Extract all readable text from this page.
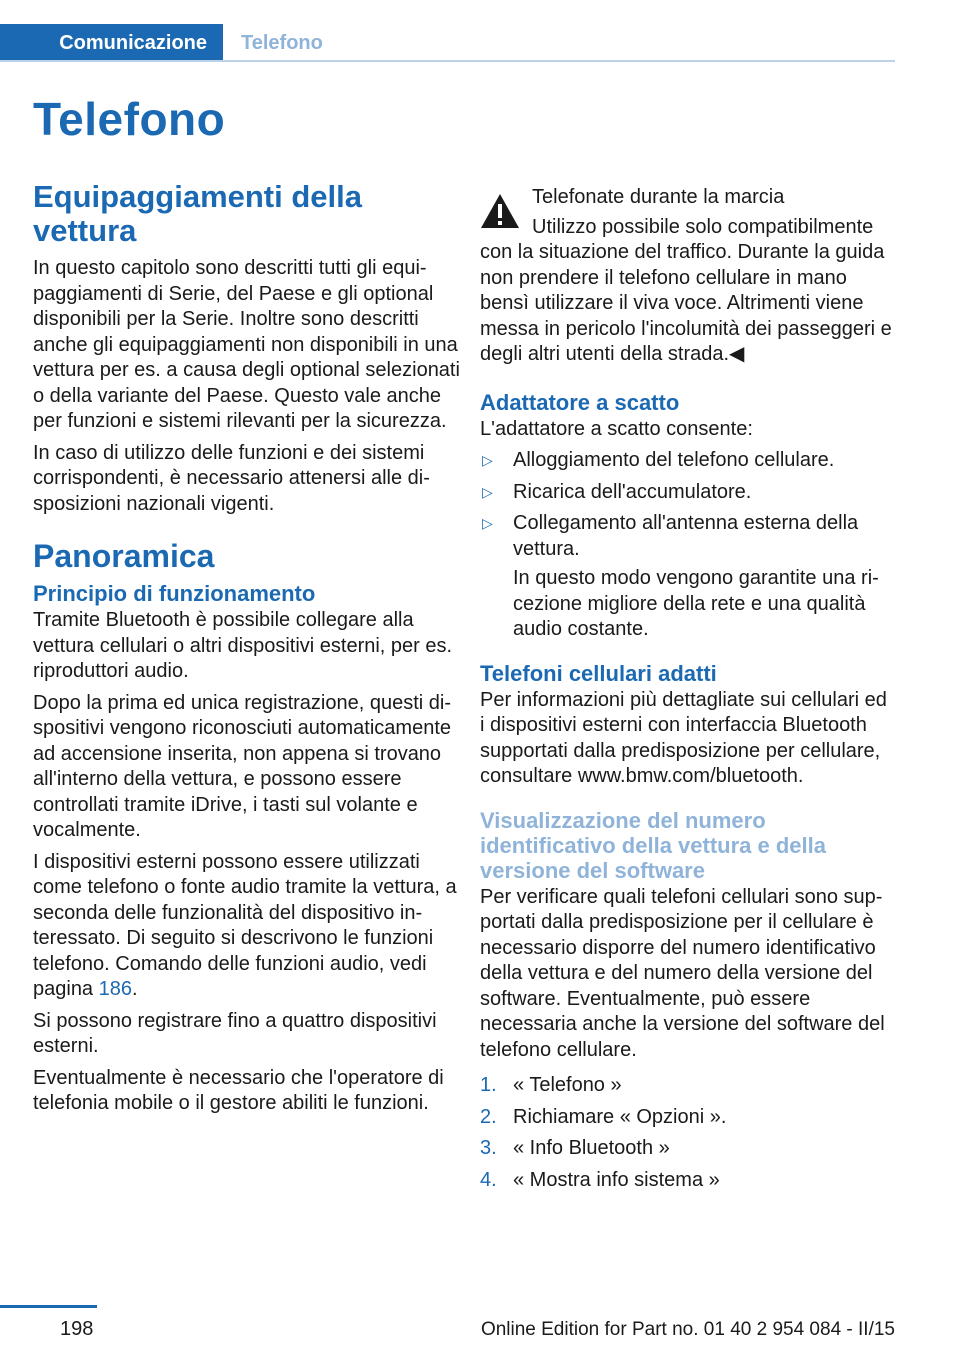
Comunicazione	Telefono
Telefono
Equipaggiamenti della vettura

In questo capitolo sono descritti tutti gli equipaggiamenti di Serie, del Paese e gli optional disponibili per la Serie. Inoltre sono descritti anche gli equipaggiamenti non disponibili in una vettura per es. a causa degli optional selezionati o della variante del Paese. Questo vale anche per funzioni e sistemi rilevanti per la sicurezza.

In caso di utilizzo delle funzioni e dei sistemi corrispondenti, è necessario attenersi alle disposizioni nazionali vigenti.

Panoramica
Principio di funzionamento

Tramite Bluetooth è possibile collegare alla vettura cellulari o altri dispositivi esterni, per es. riproduttori audio.

Dopo la prima ed unica registrazione, questi dispositivi vengono riconosciuti automaticamente ad accensione inserita, non appena si trovano all'interno della vettura, e possono essere controllati tramite iDrive, i tasti sul volante e vocalmente.

I dispositivi esterni possono essere utilizzati come telefono o fonte audio tramite la vettura, a seconda delle funzionalità del dispositivo interessato. Di seguito si descrivono le funzioni telefono. Comando delle funzioni audio, vedi pagina 186.

Si possono registrare fino a quattro dispositivi esterni.

Eventualmente è necessario che l'operatore di telefonia mobile o il gestore abiliti le funzioni.

Telefonate durante la marcia

Utilizzo possibile solo compatibilmente

con la situazione del traffico. Durante la guida non prendere il telefono cellulare in mano bensì utilizzare il viva voce. Altrimenti viene messa in pericolo l'incolumità dei passeggeri e degli altri utenti della strada.◀

Adattatore a scatto

L'adattatore a scatto consente:

▷ Alloggiamento del telefono cellulare.
▷ Ricarica dell'accumulatore.
▷ Collegamento all'antenna esterna della vettura.

In questo modo vengono garantite una ricezione migliore della rete e una qualità audio costante.

Telefoni cellulari adatti

Per informazioni più dettagliate sui cellulari ed i dispositivi esterni con interfaccia Bluetooth supportati dalla predisposizione per cellulare, consultare www.bmw.com/bluetooth.

Visualizzazione del numero identificativo della vettura e della versione del software

Per verificare quali telefoni cellulari sono supportati dalla predisposizione per il cellulare è necessario disporre del numero identificativo della vettura e del numero della versione del software. Eventualmente, può essere necessaria anche la versione del software del telefono cellulare.

1. « Telefono »
2. Richiamare « Opzioni ».
3. « Info Bluetooth »
4. « Mostra info sistema »
198	Online Edition for Part no. 01 40 2 954 084 - II/15
